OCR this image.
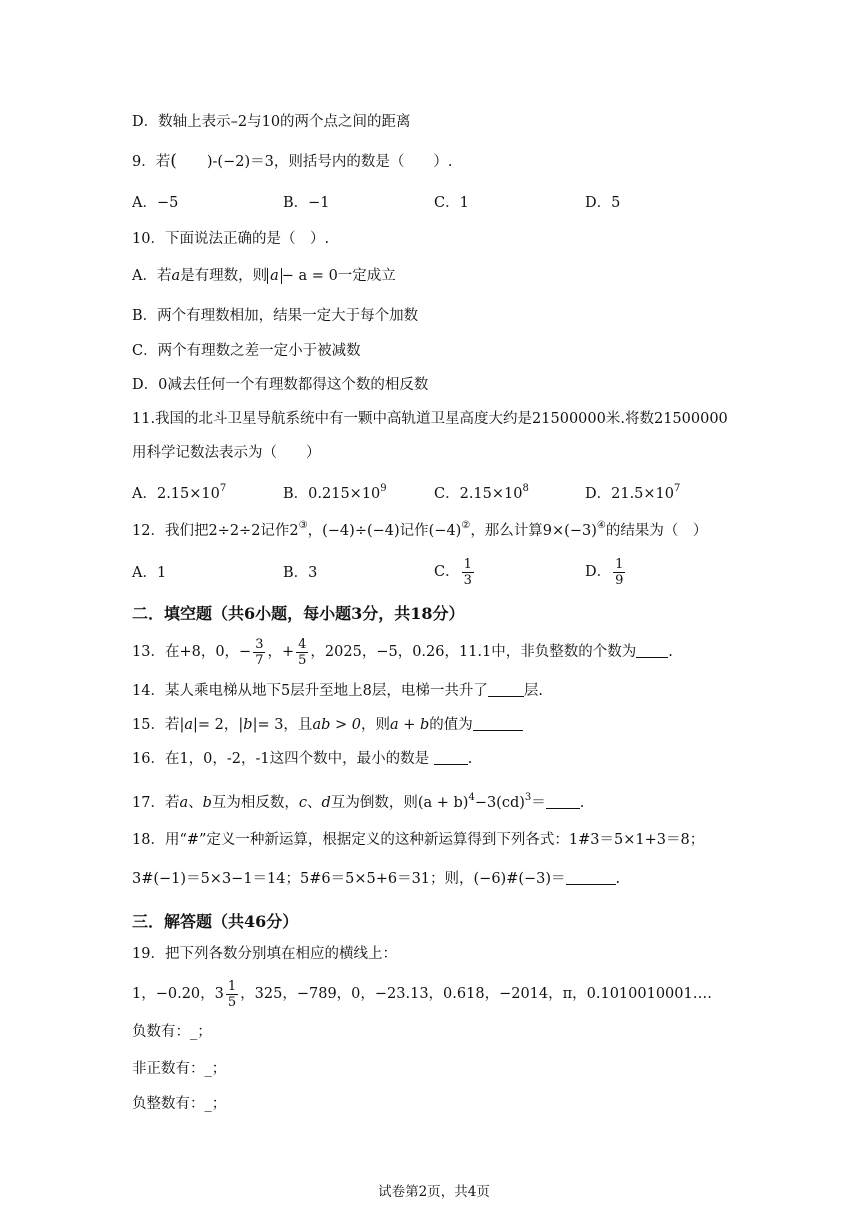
D．数轴上表示–2与10的两个点之间的距离
9．若( )-(−2)＝3，则括号内的数是（　　）.
A．−5	B．−1	C．1	D．5
10．下面说法正确的是（　）.
A．若a是有理数，则 a − a = 0一定成立
B．两个有理数相加，结果一定大于每个加数
C．两个有理数之差一定小于被减数
D．0减去任何一个有理数都得这个数的相反数
11.我国的北斗卫星导航系统中有一颗中高轨道卫星高度大约是21500000米.将数21500000
用科学记数法表示为（　　）
A．$2.15\times 10^7$	B．$0.215\times 10^9$	C．$2.15\times 10^8$	D．$21.5\times 10^7$
12．我们把2÷2÷2记作2③，(−4)÷(−4)记作(−4)②，那么计算9×(−3)④的结果为（　）
A．1	B．3	C． $\frac{1}{3}$	D． $\frac{1}{9}$
二．填空题（共6小题，每小题3分，共18分）
13．在+8，0，− $\frac{3}{7}$ ，+ $\frac{4}{5}$ ，2025，−5，0.26，11.1中，非负整数的个数为 .
14．某人乘电梯从地下5层升至地上8层，电梯一共升了 层.
15．若|a|= 2，|b|= 3，且ab > 0，则a + b的值为
16．在1，0，-2，-1这四个数中，最小的数是	.
17．若a、b互为相反数，c、d互为倒数，则$(a + b)^4-3(cd)^3=$ .
18．用“#”定义一种新运算，根据定义的这种新运算得到下列各式：1#3＝5×1+3＝8；
3#(−1)＝5×3−1＝14；5#6＝5×5+6＝31；则，(−6)#(−3)＝	.
三．解答题（共46分）
19．把下列各数分别填在相应的横线上：
1，−0.20，$3 \frac{1}{5}$ ，325，−789，0，−23.13，0.618，−2014，π，0.1010010001….
负数有：_；
非正数有：_；
负整数有：_；
试卷第2页，共4页
